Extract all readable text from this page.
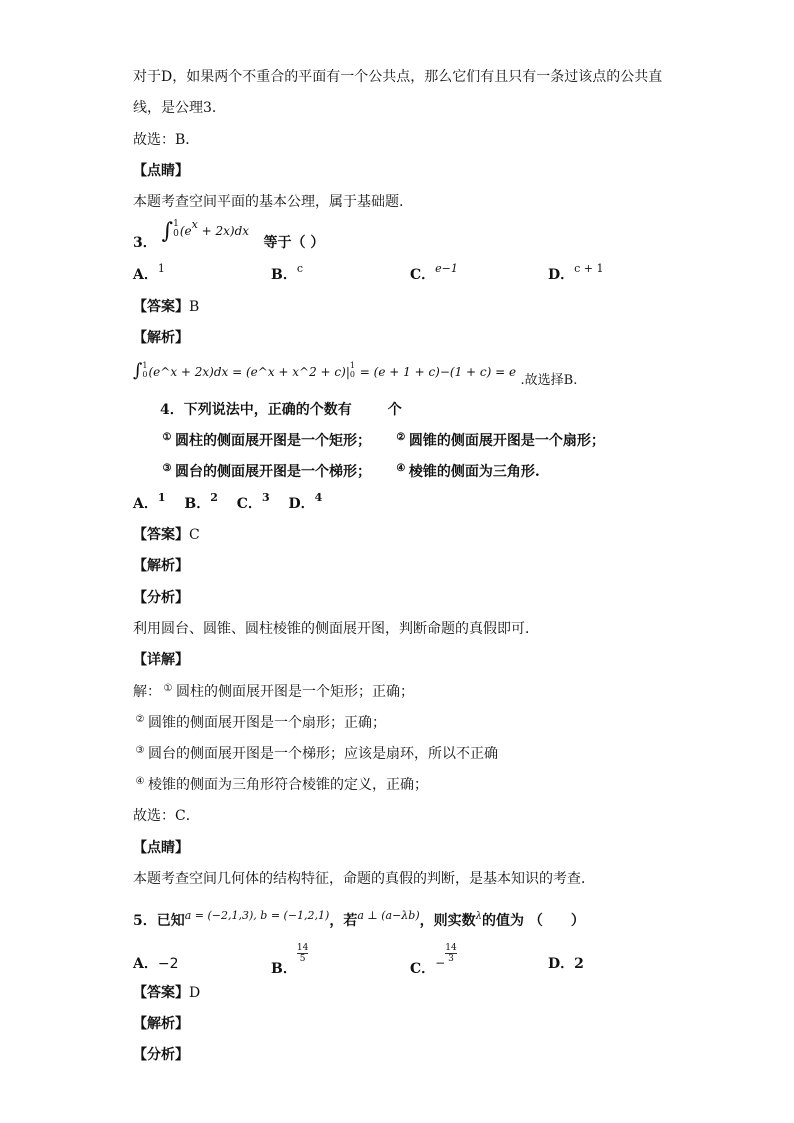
对于D，如果两个不重合的平面有一个公共点，那么它们有且只有一条过该点的公共直
线，是公理3.
故选：B．
【点睛】
本题考查空间平面的基本公理，属于基础题.
3． ∫ 1
0 (ex + 2x)dx 等于（ ）
A．$^1$	B．$^c$	C．$^{e-1}$	D．$^{c + 1}$
【答案】B
【解析】
∫ 1
0 (e^x + 2x)dx = (e^x + x^2 + c)| 1
0 = (e + 1 + c)−(1 + c) = e .故选择B.
4．下列说法中，正确的个数有	个
① 圆柱的侧面展开图是一个矩形；	② 圆锥的侧面展开图是一个扇形；
③ 圆台的侧面展开图是一个梯形；	④ 棱锥的侧面为三角形.
A．$^1$ B．$^2$ C．$^3$ D．$^4$
【答案】C
【解析】
【分析】
利用圆台、圆锥、圆柱棱锥的侧面展开图，判断命题的真假即可．
【详解】
解： ① 圆柱的侧面展开图是一个矩形；正确；
② 圆锥的侧面展开图是一个扇形；正确；
③ 圆台的侧面展开图是一个梯形；应该是扇环，所以不正确
④ 棱锥的侧面为三角形符合棱锥的定义，正确；
故选：C．
【点睛】
本题考查空间几何体的结构特征，命题的真假的判断，是基本知识的考查．
5．已知$^{a = (-2,1,3), b = (-1,2,1)}$，若$^{a \perp (a-\lambda b)}$，则实数$^\lambda$的值为 （　　）
A．−2	B．$\frac{14}{5}$
C．$-\frac{14}{3}$	D．2
【答案】D
【解析】
【分析】
